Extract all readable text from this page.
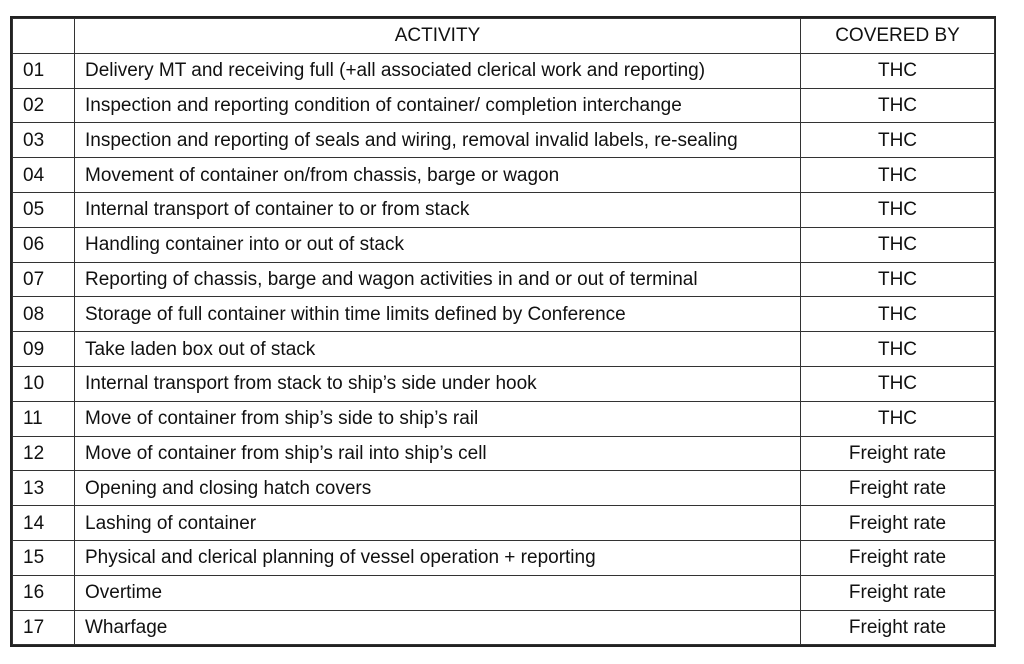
	ACTIVITY	COVERED BY
01	Delivery MT and receiving full (+all associated clerical work and reporting)	THC
02	Inspection and reporting condition of container/ completion interchange	THC
03	Inspection and reporting of seals and wiring, removal invalid labels, re-sealing	THC
04	Movement of container on/from chassis, barge or wagon	THC
05	Internal transport of container to or from stack	THC
06	Handling container into or out of stack	THC
07	Reporting of chassis, barge and wagon activities in and or out of terminal	THC
08	Storage of full container within time limits defined by Conference	THC
09	Take laden box out of stack	THC
10	Internal transport from stack to ship’s side under hook	THC
11	Move of container from ship’s side to ship’s rail	THC
12	Move of container from ship’s rail into ship’s cell	Freight rate
13	Opening and closing hatch covers	Freight rate
14	Lashing of container	Freight rate
15	Physical and clerical planning of vessel operation + reporting	Freight rate
16	Overtime	Freight rate
17	Wharfage	Freight rate
